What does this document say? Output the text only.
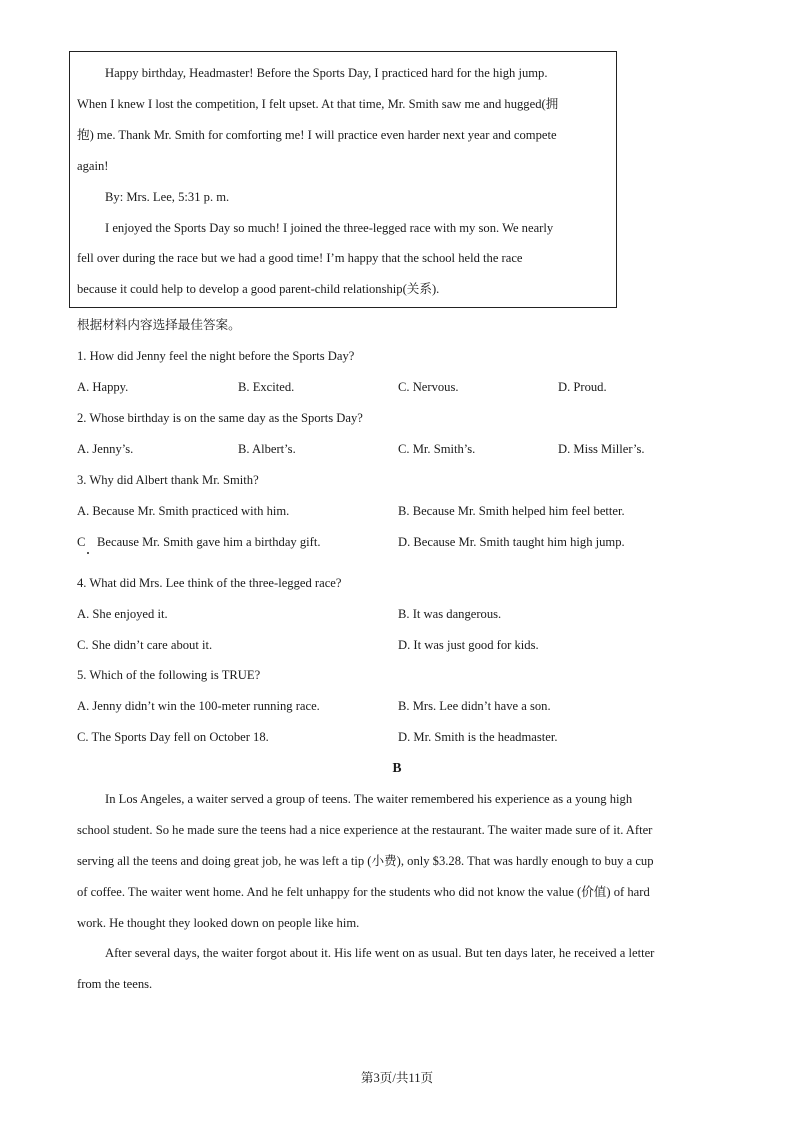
Happy birthday, Headmaster! Before the Sports Day, I practiced hard for the high jump.
When I knew I lost the competition, I felt upset. At that time, Mr. Smith saw me and hugged(拥
抱) me. Thank Mr. Smith for comforting me! I will practice even harder next year and compete
again!
By: Mrs. Lee, 5:31 p. m.
I enjoyed the Sports Day so much! I joined the three-legged race with my son. We nearly
fell over during the race but we had a good time! I’m happy that the school held the race
because it could help to develop a good parent-child relationship(关系).
根据材料内容选择最佳答案。
1. How did Jenny feel the night before the Sports Day?
A. Happy.	B. Excited.	C. Nervous.	D. Proud.
2. Whose birthday is on the same day as the Sports Day?
A. Jenny’s.	B. Albert’s.	C. Mr. Smith’s.	D. Miss Miller’s.
3. Why did Albert thank Mr. Smith?
A. Because Mr. Smith practiced with him.	B. Because Mr. Smith helped him feel better.
C Because Mr. Smith gave him a birthday gift.	D. Because Mr. Smith taught him high jump.
4. What did Mrs. Lee think of the three-legged race?
A. She enjoyed it.	B. It was dangerous.
C. She didn’t care about it.	D. It was just good for kids.
5. Which of the following is TRUE?
A. Jenny didn’t win the 100-meter running race.	B. Mrs. Lee didn’t have a son.
C. The Sports Day fell on October 18.	D. Mr. Smith is the headmaster.
B
In Los Angeles, a waiter served a group of teens. The waiter remembered his experience as a young high
school student. So he made sure the teens had a nice experience at the restaurant. The waiter made sure of it. After
serving all the teens and doing great job, he was left a tip (小费), only $3.28. That was hardly enough to buy a cup
of coffee. The waiter went home. And he felt unhappy for the students who did not know the value (价值) of hard
work. He thought they looked down on people like him.
After several days, the waiter forgot about it. His life went on as usual. But ten days later, he received a letter
from the teens.
第3页/共11页
